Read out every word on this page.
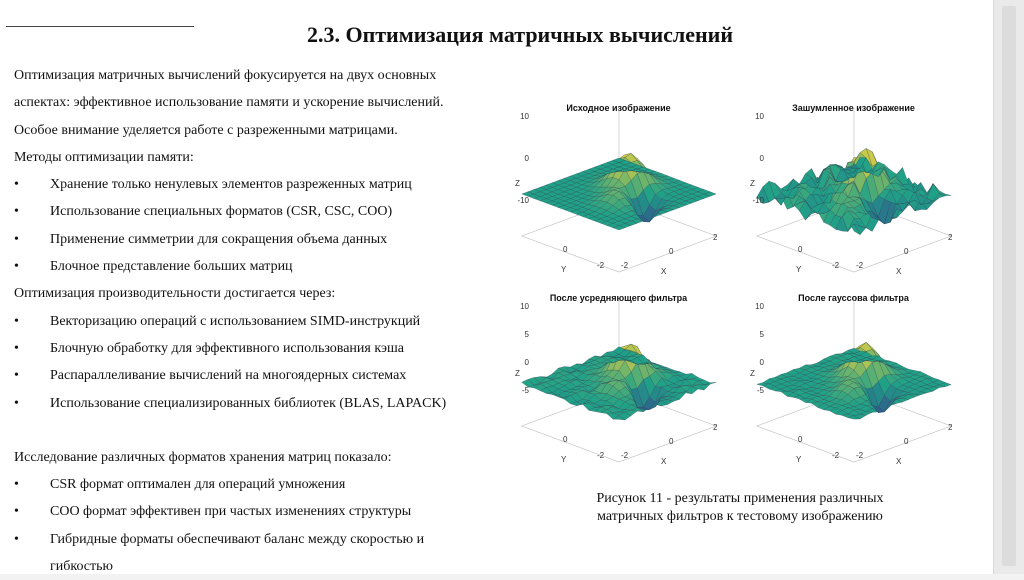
2.3. Оптимизация матричных вычислений
Оптимизация матричных вычислений фокусируется на двух основных
аспектах: эффективное использование памяти и ускорение вычислений.
Особое внимание уделяется работе с разреженными матрицами.
Методы оптимизации памяти:
•	Хранение только ненулевых элементов разреженных матриц
•	Использование специальных форматов (CSR, CSC, COO)
•	Применение симметрии для сокращения объема данных
•	Блочное представление больших матриц
Оптимизация производительности достигается через:
•	Векторизацию операций с использованием SIMD-инструкций
•	Блочную обработку для эффективного использования кэша
•	Распараллеливание вычислений на многоядерных системах
•	Использование специализированных библиотек (BLAS, LAPACK)
Исследование различных форматов хранения матриц показало:
•	CSR формат оптимален для операций умножения
•	COO формат эффективен при частых изменениях структуры
•	Гибридные форматы обеспечивают баланс между скоростью и
гибкостью
Исходное изображение
Z
10
0
-10
Y
0
-2
X
-2
0
2
Зашумленное изображение
Z
10
0
-10
Y
0
-2
X
-2
0
2
После усредняющего фильтра
Z
10
5
0
-5
Y
0
-2
X
-2
0
2
После гауссова фильтра
Z
10
5
0
-5
Y
0
-2
X
-2
0
2
Рисунок 11 - результаты применения различных
матричных фильтров к тестовому изображению
